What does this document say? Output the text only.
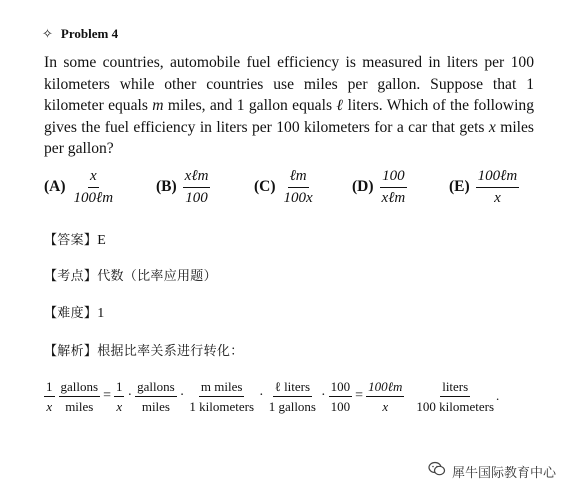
✧ Problem 4
In some countries, automobile fuel efficiency is measured in liters per 100 kilometers while other countries use miles per gallon. Suppose that 1 kilometer equals m miles, and 1 gallon equals ℓ liters. Which of the following gives the fuel efficiency in liters per 100 kilometers for a car that gets x miles per gallon?
$(A) \frac{x}{\text{100ℓm}}$	$(B) \frac{\text{xℓm}}{100}$	$(C) \frac{\text{ℓm}}{100x} (D) \frac{100}{\text{xℓm}}$	$(E) \frac{\text{100ℓm}}{x}$
【答案】E
【考点】代数（比率应用题）
【难度】1
【解析】根据比率关系进行转化：
$\frac{1}{x} \frac{\text{gallons}}{\text{miles}} = \frac{1}{x} \cdot \frac{\text{gallons}}{\text{miles}} \cdot \frac{\text{m miles}}{\text{1 kilometers}} \cdot \frac{\text{ℓ liters}}{\text{1 gallons}} \cdot \frac{100}{100} = \frac{\text{100ℓm}}{x} \frac{\text{liters}}{\text{100 kilometers}}$ .
犀牛国际教育中心
